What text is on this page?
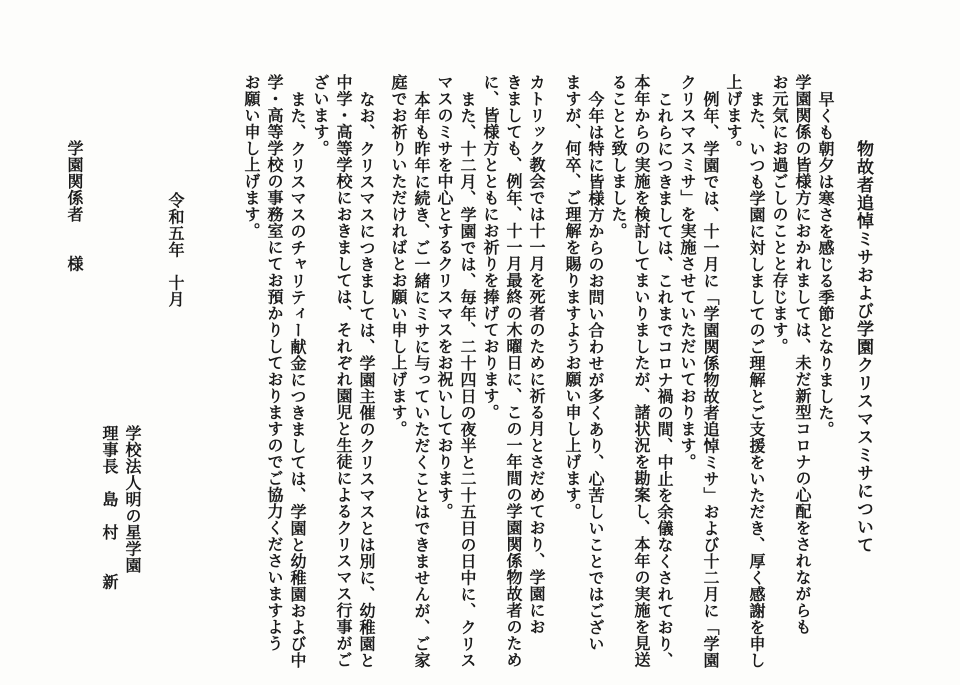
物故者追悼ミサおよび学園クリスマスミサについて
早くも朝夕は寒さを感じる季節となりました。
学園関係の皆様方におかれましては、未だ新型コロナの心配をされながらも
お元気にお過ごしのことと存じます。
また、いつも学園に対しましてのご理解とご支援をいただき、厚く感謝を申し
上げます。
例年、学園では、十一月に「学園関係物故者追悼ミサ」および十二月に「学園
クリスマスミサ」を実施させていただいております。
これらにつきましては、これまでコロナ禍の間、中止を余儀なくされており、
本年からの実施を検討してまいりましたが、諸状況を勘案し、本年の実施を見送
ることと致しました。
今年は特に皆様方からのお問い合わせが多くあり、心苦しいことではござい
ますが、何卒、ご理解を賜りますようお願い申し上げます。
カトリック教会では十一月を死者のために祈る月とさだめており、学園にお
きましても、例年、十一月最終の木曜日に、この一年間の学園関係物故者のため
に、皆様方とともにお祈りを捧げております。
また、十二月、学園では、毎年、二十四日の夜半と二十五日の日中に、クリス
マスのミサを中心とするクリスマスをお祝いしております。
本年も昨年に続き、ご一緒にミサに与っていただくことはできませんが、ご家
庭でお祈りいただければとお願い申し上げます。
なお、クリスマスにつきましては、学園主催のクリスマスとは別に、幼稚園と
中学・高等学校におきましては、それぞれ園児と生徒によるクリスマス行事がご
ざいます。
また、クリスマスのチャリティー献金につきましては、学園と幼稚園および中
学・高等学校の事務室にてお預かりしておりますのでご協力くださいますよう
お願い申し上げます。
学校法人明の星学園
理事長　島　村　　新
令和五年　十月
学園関係者　　様
